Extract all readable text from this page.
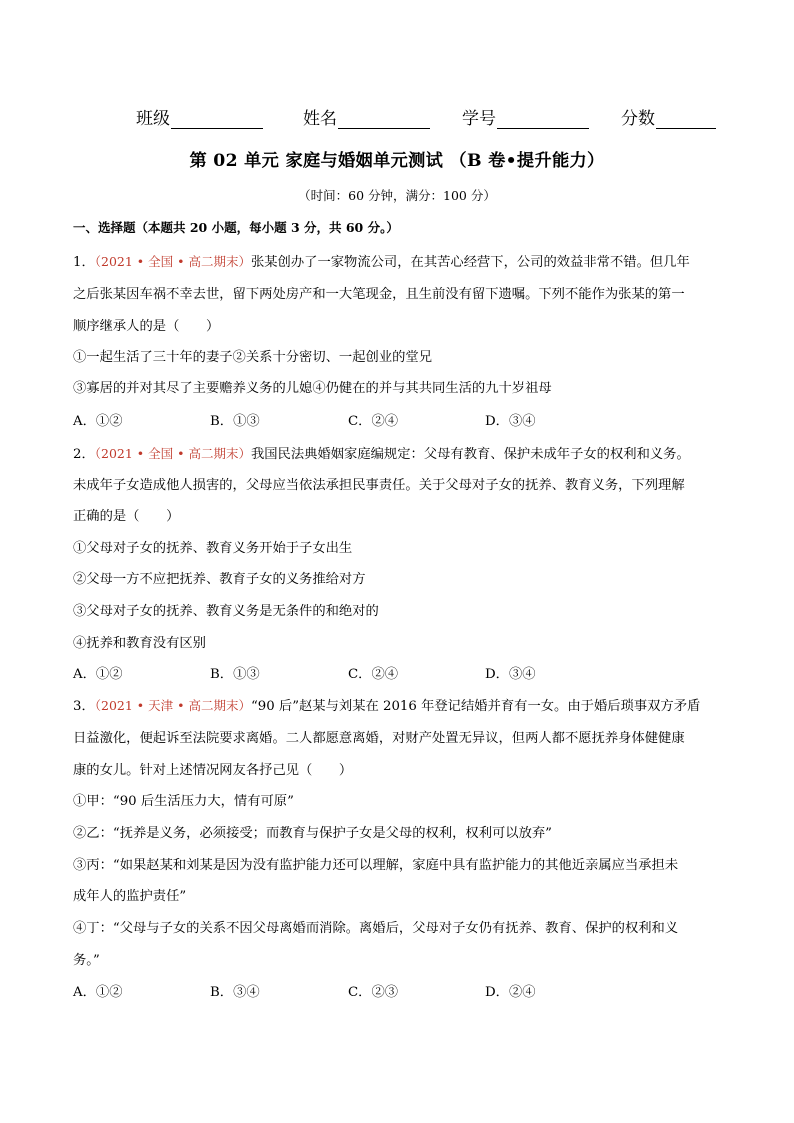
班级	姓名	学号	分数
第 02 单元 家庭与婚姻单元测试 （B 卷•提升能力）
（时间：60 分钟，满分：100 分）
一、选择题（本题共 20 小题，每小题 3 分，共 60 分。）
1．（2021 • 全国 • 高二期末）张某创办了一家物流公司，在其苦心经营下，公司的效益非常不错。但几年
之后张某因车祸不幸去世，留下两处房产和一大笔现金，且生前没有留下遗嘱。下列不能作为张某的第一
顺序继承人的是（　　）
①一起生活了三十年的妻子②关系十分密切、一起创业的堂兄
③寡居的并对其尽了主要赡养义务的儿媳④仍健在的并与其共同生活的九十岁祖母
A．①②	B．①③	C．②④	D．③④
2．（2021 • 全国 • 高二期末）我国民法典婚姻家庭编规定：父母有教育、保护未成年子女的权利和义务。
未成年子女造成他人损害的，父母应当依法承担民事责任。关于父母对子女的抚养、教育义务，下列理解
正确的是（　　）
①父母对子女的抚养、教育义务开始于子女出生
②父母一方不应把抚养、教育子女的义务推给对方
③父母对子女的抚养、教育义务是无条件的和绝对的
④抚养和教育没有区别
A．①②	B．①③	C．②④	D．③④
3．（2021 • 天津 • 高二期末）“90 后”赵某与刘某在 2016 年登记结婚并育有一女。由于婚后琐事双方矛盾
日益激化，便起诉至法院要求离婚。二人都愿意离婚，对财产处置无异议，但两人都不愿抚养身体健健康
康的女儿。针对上述情况网友各抒己见（　　）
①甲：“90 后生活压力大，情有可原”
②乙：“抚养是义务，必须接受；而教育与保护子女是父母的权利，权利可以放弃”
③丙：“如果赵某和刘某是因为没有监护能力还可以理解，家庭中具有监护能力的其他近亲属应当承担未
成年人的监护责任”
④丁：“父母与子女的关系不因父母离婚而消除。离婚后，父母对子女仍有抚养、教育、保护的权利和义
务。”
A．①②	B．③④	C．②③	D．②④
